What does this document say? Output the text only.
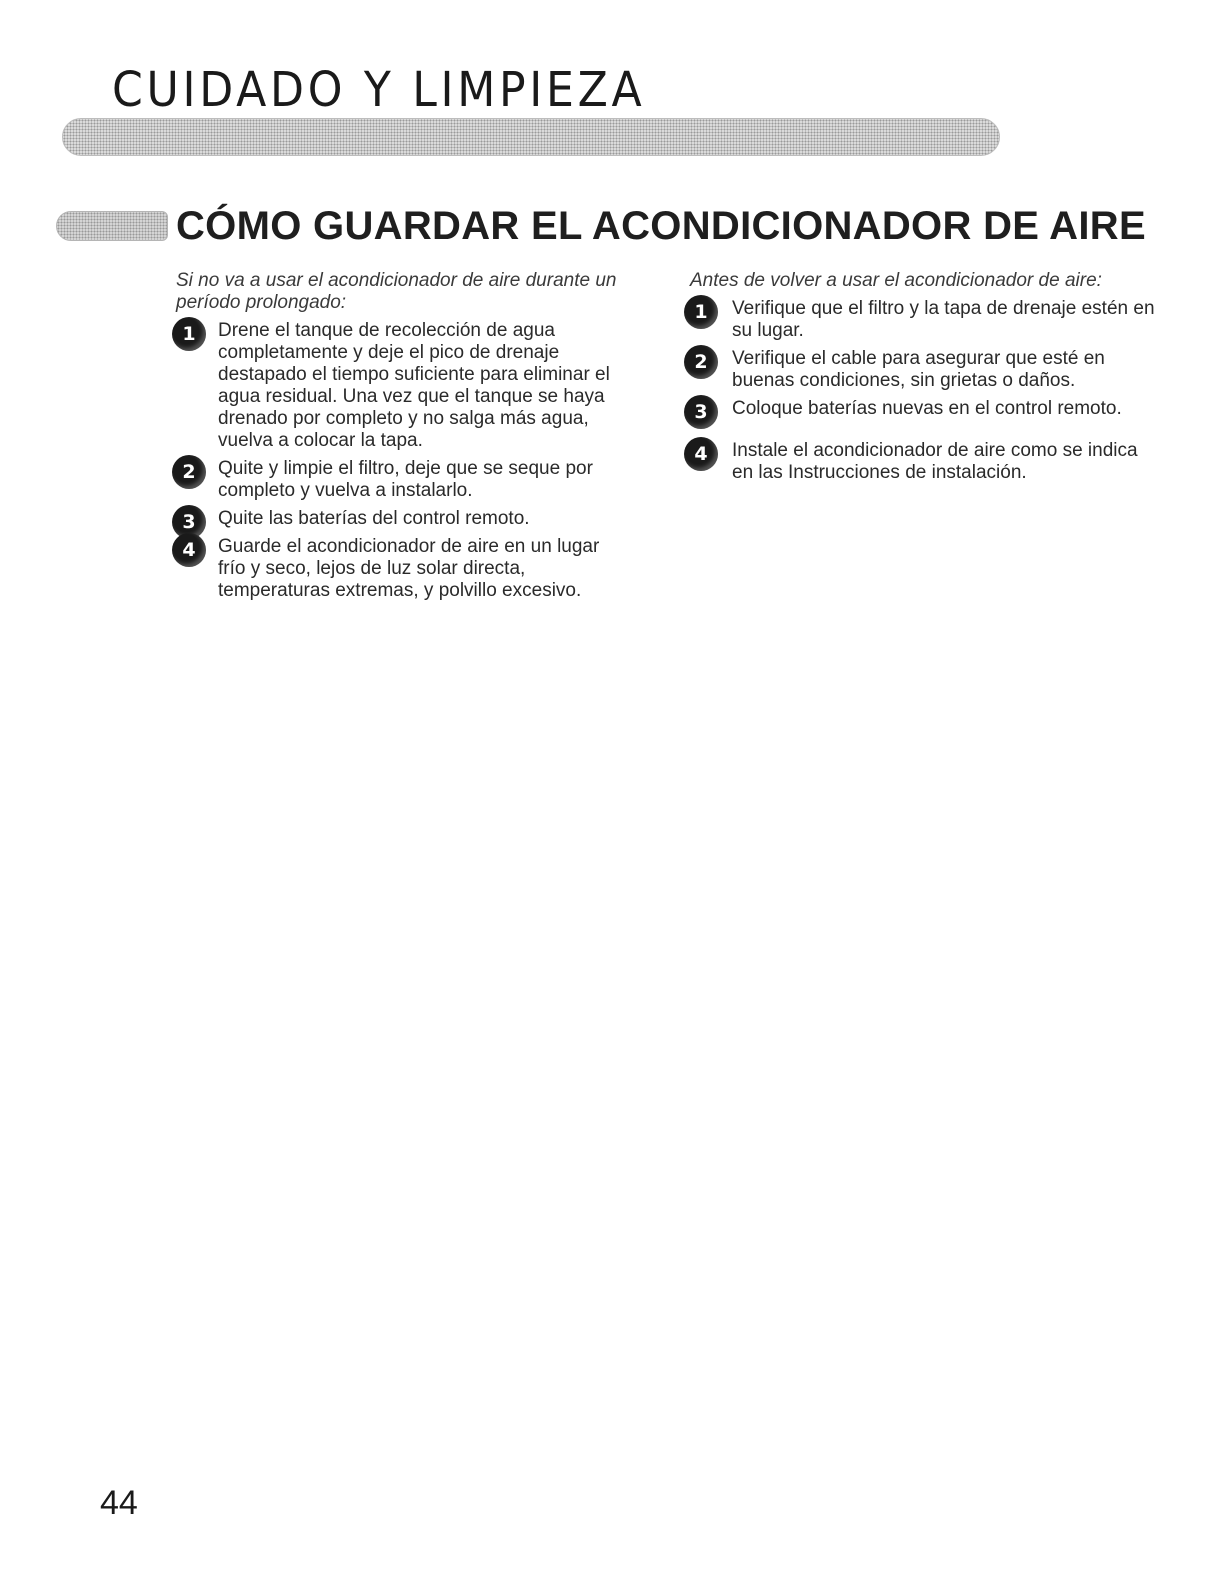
CUIDADO Y LIMPIEZA
CÓMO GUARDAR EL ACONDICIONADOR DE AIRE

Si no va a usar el acondicionador de aire durante un período prolongado:

1	Drene el tanque de recolección de agua completamente y deje el pico de drenaje destapado el tiempo suficiente para eliminar el agua residual. Una vez que el tanque se haya drenado por completo y no salga más agua, vuelva a colocar la tapa.
2	Quite y limpie el filtro, deje que se seque por completo y vuelva a instalarlo.
3	Quite las baterías del control remoto.
4	Guarde el acondicionador de aire en un lugar frío y seco, lejos de luz solar directa, temperaturas extremas, y polvillo excesivo.

Antes de volver a usar el acondicionador de aire:

1	Verifique que el filtro y la tapa de drenaje estén en su lugar.
2	Verifique el cable para asegurar que esté en buenas condiciones, sin grietas o daños.
3	Coloque baterías nuevas en el control remoto.
4	Instale el acondicionador de aire como se indica en las Instrucciones de instalación.
44
